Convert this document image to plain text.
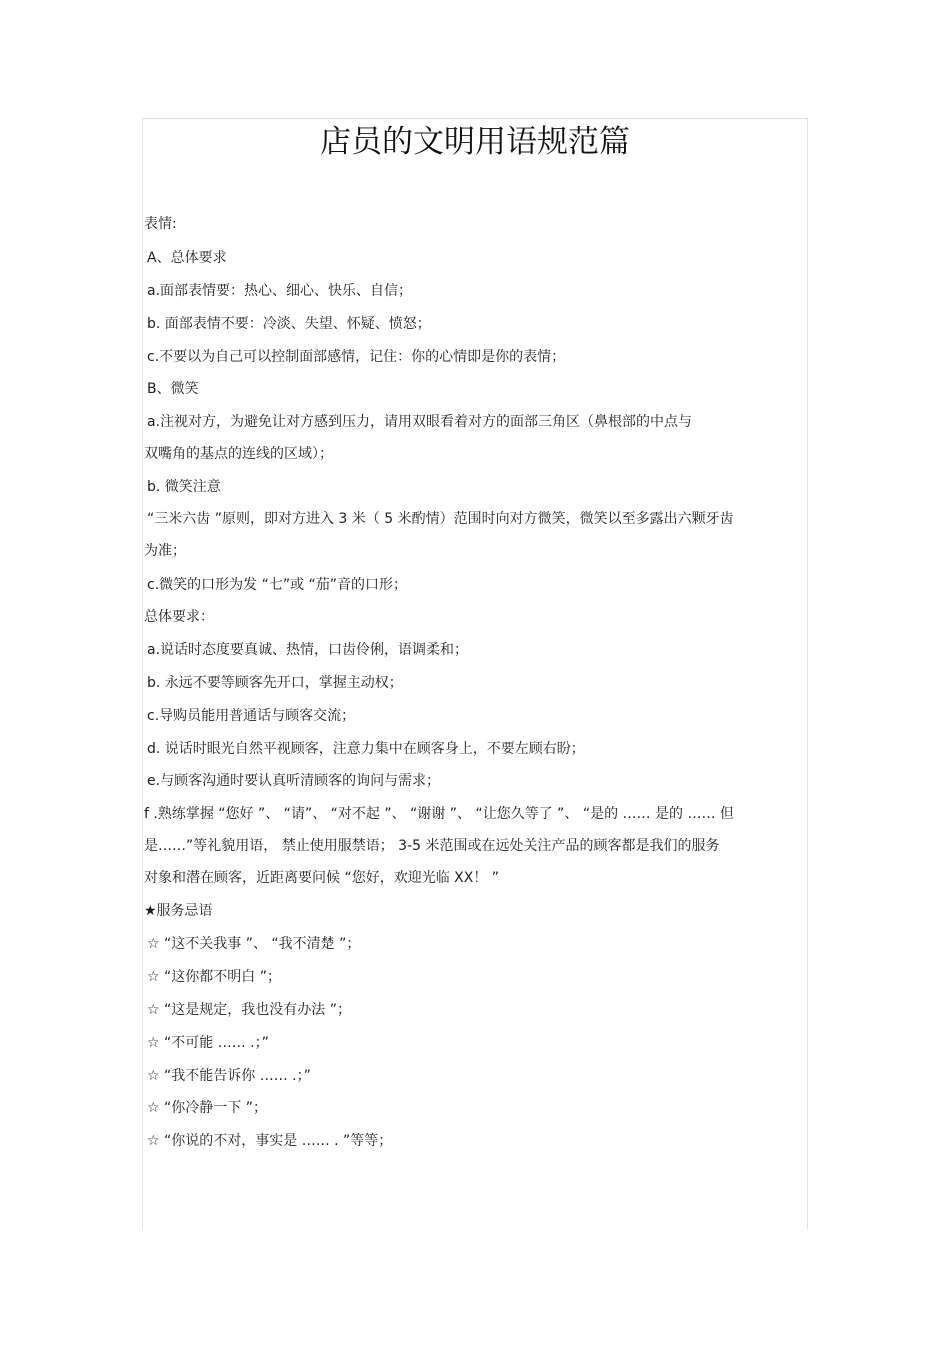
店员的文明用语规范篇
表情:
A、总体要求
a.面部表情要：热心、细心、快乐、自信；
b. 面部表情不要：冷淡、失望、怀疑、愤怒；
c.不要以为自己可以控制面部感情，记住：你的心情即是你的表情；
B、微笑
a.注视对方，为避免让对方感到压力，请用双眼看着对方的面部三角区（鼻根部的中点与
双嘴角的基点的连线的区域）；
b. 微笑注意
“三米六齿 ”原则，即对方进入 3 米（ 5 米酌情）范围时向对方微笑，微笑以至多露出六颗牙齿
为准；
c.微笑的口形为发 “七”或 “茄”音的口形；
总体要求：
a.说话时态度要真诚、热情，口齿伶俐，语调柔和；
b. 永远不要等顾客先开口，掌握主动权；
c.导购员能用普通话与顾客交流；
d. 说话时眼光自然平视顾客，注意力集中在顾客身上，不要左顾右盼；
e.与顾客沟通时要认真听清顾客的询问与需求；
f .熟练掌握 “您好 ”、 “请”、 “对不起 ”、 “谢谢 ”、 “让您久等了 ”、 “是的 …… 是的 …… 但
是……”等礼貌用语， 禁止使用服禁语； 3-5 米范围或在远处关注产品的顾客都是我们的服务
对象和潜在顾客，近距离要问候 “您好，欢迎光临 XX！ ”
★服务忌语
☆ “这不关我事 ”、 “我不清楚 ”；
☆ “这你都不明白 ”；
☆ “这是规定，我也没有办法 ”；
☆ “不可能 …… .；”
☆ “我不能告诉你 …… .；”
☆ “你冷静一下 ”；
☆ “你说的不对，事实是 …… . ”等等；
